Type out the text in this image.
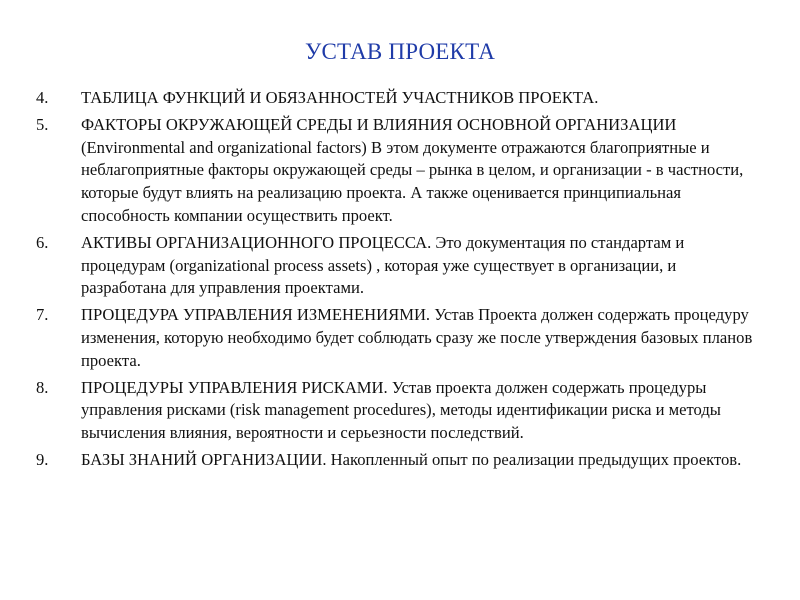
УСТАВ ПРОЕКТА
4.	ТАБЛИЦА ФУНКЦИЙ И ОБЯЗАННОСТЕЙ УЧАСТНИКОВ ПРОЕКТА.
5.	ФАКТОРЫ ОКРУЖАЮЩЕЙ СРЕДЫ И ВЛИЯНИЯ ОСНОВНОЙ ОРГАНИЗАЦИИ (Environmental and organizational factors) В этом документе отражаются благоприятные и неблагоприятные факторы окружающей среды – рынка в целом, и организации - в частности, которые будут влиять на реализацию проекта. А также оценивается принципиальная способность компании осуществить проект.
6.	АКТИВЫ ОРГАНИЗАЦИОННОГО ПРОЦЕССА. Это документация по стандартам и процедурам (organizational process assets) , которая уже существует в организации, и разработана для управления проектами.
7.	ПРОЦЕДУРА УПРАВЛЕНИЯ ИЗМЕНЕНИЯМИ. Устав Проекта должен содержать процедуру изменения, которую необходимо будет соблюдать сразу же после утверждения базовых планов проекта.
8.	ПРОЦЕДУРЫ УПРАВЛЕНИЯ РИСКАМИ. Устав проекта должен содержать процедуры управления рисками (risk management procedures), методы идентификации риска и методы вычисления влияния, вероятности и серьезности последствий.
9.	БАЗЫ ЗНАНИЙ ОРГАНИЗАЦИИ. Накопленный опыт по реализации предыдущих проектов.
